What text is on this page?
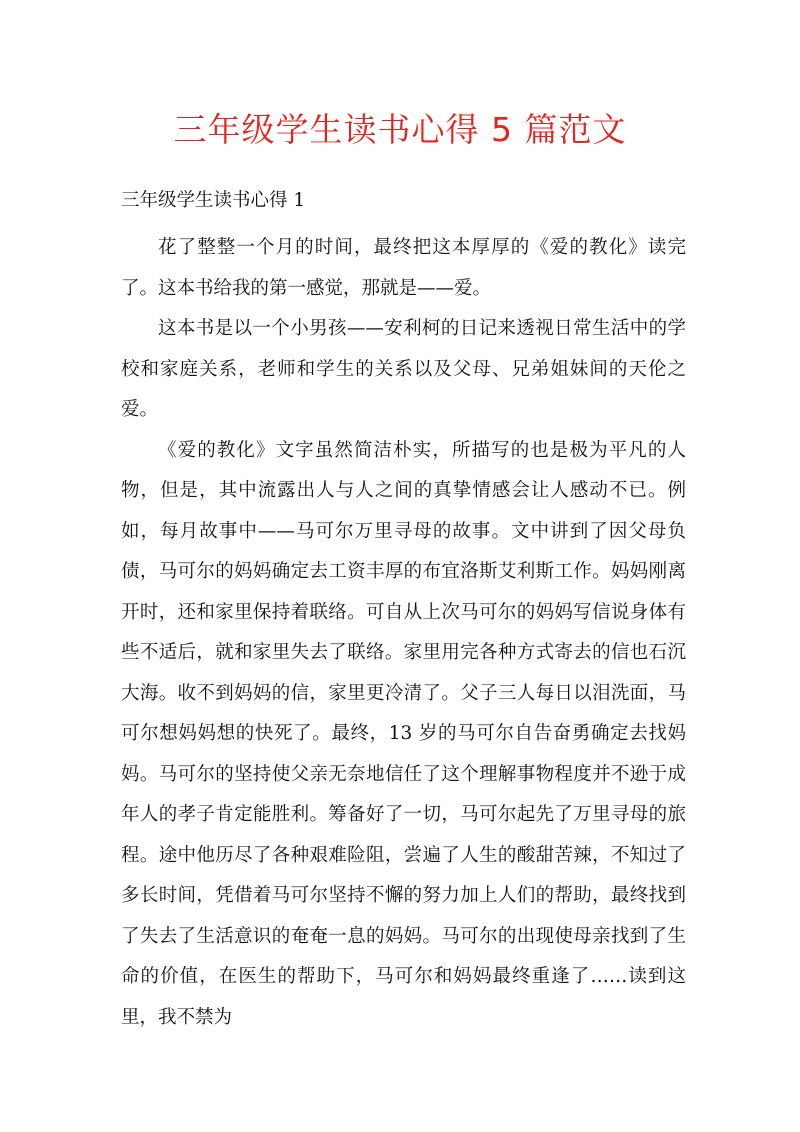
三年级学生读书心得 5 篇范文
三年级学生读书心得 1

花了整整一个月的时间，最终把这本厚厚的《爱的教化》读完了。这本书给我的第一感觉，那就是——爱。

这本书是以一个小男孩——安利柯的日记来透视日常生活中的学校和家庭关系，老师和学生的关系以及父母、兄弟姐妹间的天伦之爱。

《爱的教化》文字虽然简洁朴实，所描写的也是极为平凡的人物，但是，其中流露出人与人之间的真挚情感会让人感动不已。例如，每月故事中——马可尔万里寻母的故事。文中讲到了因父母负债，马可尔的妈妈确定去工资丰厚的布宜洛斯艾利斯工作。妈妈刚离开时，还和家里保持着联络。可自从上次马可尔的妈妈写信说身体有些不适后，就和家里失去了联络。家里用完各种方式寄去的信也石沉大海。收不到妈妈的信，家里更冷清了。父子三人每日以泪洗面，马可尔想妈妈想的快死了。最终，13 岁的马可尔自告奋勇确定去找妈妈。马可尔的坚持使父亲无奈地信任了这个理解事物程度并不逊于成年人的孝子肯定能胜利。筹备好了一切，马可尔起先了万里寻母的旅程。途中他历尽了各种艰难险阻，尝遍了人生的酸甜苦辣，不知过了多长时间，凭借着马可尔坚持不懈的努力加上人们的帮助，最终找到了失去了生活意识的奄奄一息的妈妈。马可尔的出现使母亲找到了生命的价值，在医生的帮助下，马可尔和妈妈最终重逢了……读到这里，我不禁为
